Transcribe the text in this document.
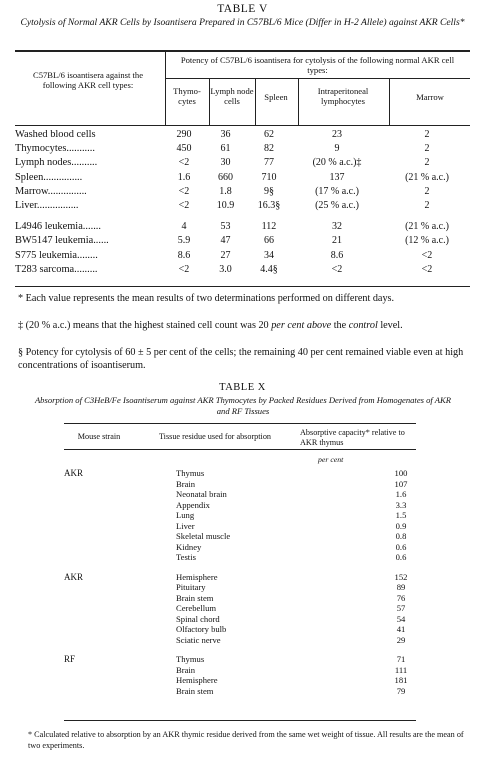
TABLE V
Cytolysis of Normal AKR Cells by Isoantisera Prepared in C57BL/6 Mice (Differ in H-2 Allele) against AKR Cells*
C57BL/6 isoantisera against the following AKR cell types:
Potency of C57BL/6 isoantisera for cytolysis of the following normal AKR cell types:
Thymo-cytes
Lymph node cells	Spleen
Intraperitoneal lymphocytes	Marrow
Washed blood cells	290	36	62	23	2
Thymocytes...........	450	61	82	9	2
Lymph nodes..........	<2	30	77	(20 % a.c.)‡	2
Spleen...............	1.6	660	710	137	(21 % a.c.)
Marrow...............	<2	1.8	9§	(17 % a.c.)	2
Liver................	<2	10.9	16.3§	(25 % a.c.)	2

L4946 leukemia.......	4	53	112	32	(21 % a.c.)
BW5147 leukemia......	5.9	47	66	21	(12 % a.c.)
S775 leukemia........	8.6	27	34	8.6	<2
T283 sarcoma.........	<2	3.0	4.4§	<2	<2
* Each value represents the mean results of two determinations performed on different days.
‡ (20 % a.c.) means that the highest stained cell count was 20 per cent above the control level.
§ Potency for cytolysis of 60 ± 5 per cent of the cells; the remaining 40 per cent remained viable even at high concentrations of isoantiserum.
TABLE X
Absorption of C3HeB/Fe Isoantiserum against AKR Thymocytes by Packed Residues Derived from Homogenates of AKR and RF Tissues
Mouse strain	Tissue residue used for absorption	Absorptive capacity* relative to AKR thymus
per cent
AKR	Thymus	100
	Brain	107
	Neonatal brain	1.6
	Appendix	3.3
	Lung	1.5
	Liver	0.9
	Skeletal muscle	0.8
	Kidney	0.6
	Testis	0.6

AKR	Hemisphere	152
	Pituitary	89
	Brain stem	76
	Cerebellum	57
	Spinal chord	54
	Olfactory bulb	41
	Sciatic nerve	29

RF	Thymus	71
	Brain	111
	Hemisphere	181
	Brain stem	79
* Calculated relative to absorption by an AKR thymic residue derived from the same wet weight of tissue. All results are the mean of two experiments.
